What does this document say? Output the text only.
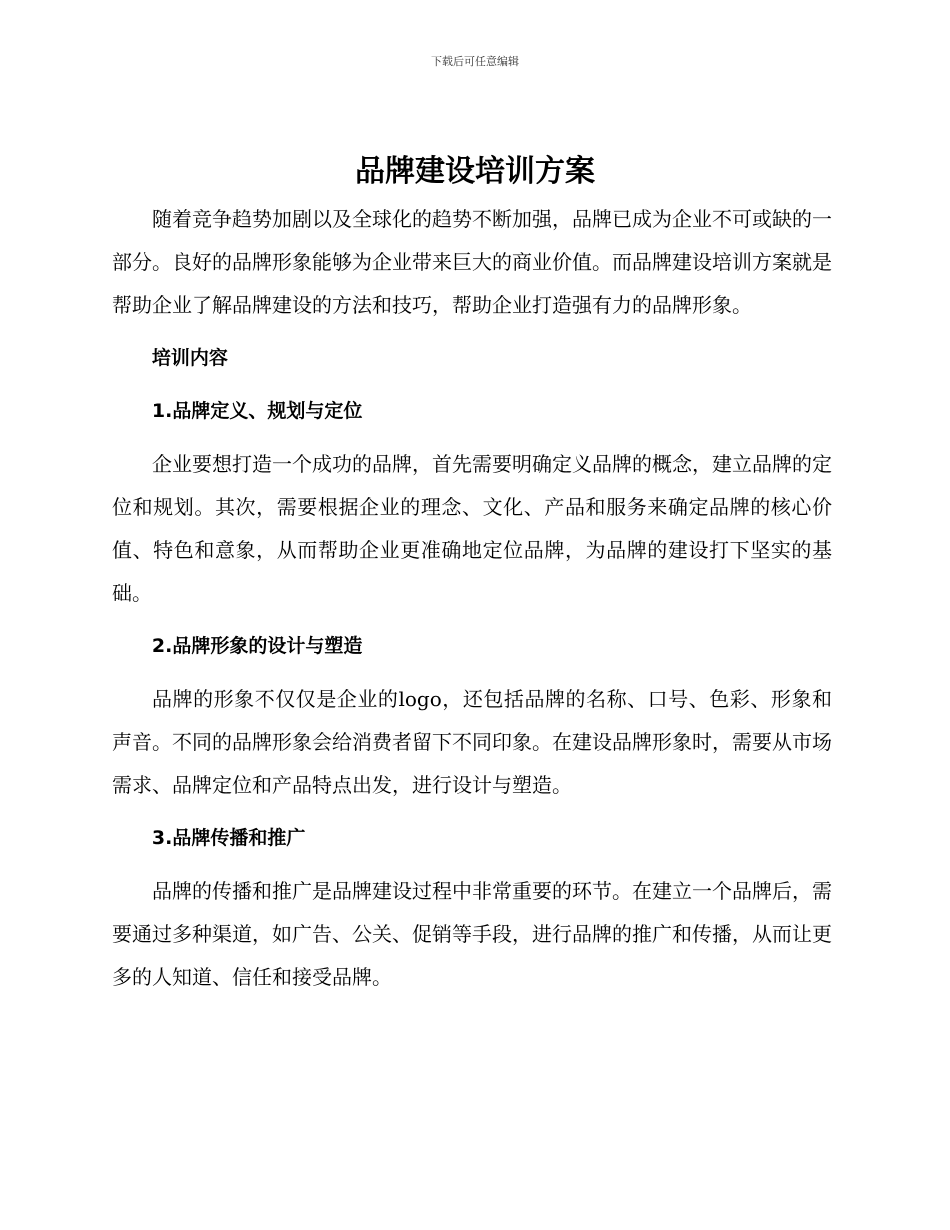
下载后可任意编辑
品牌建设培训方案

随着竞争趋势加剧以及全球化的趋势不断加强，品牌已成为企业不可或缺的一部分。良好的品牌形象能够为企业带来巨大的商业价值。而品牌建设培训方案就是帮助企业了解品牌建设的方法和技巧，帮助企业打造强有力的品牌形象。

培训内容

1.品牌定义、规划与定位

企业要想打造一个成功的品牌，首先需要明确定义品牌的概念，建立品牌的定位和规划。其次，需要根据企业的理念、文化、产品和服务来确定品牌的核心价值、特色和意象，从而帮助企业更准确地定位品牌，为品牌的建设打下坚实的基础。

2.品牌形象的设计与塑造

品牌的形象不仅仅是企业的logo，还包括品牌的名称、口号、色彩、形象和声音。不同的品牌形象会给消费者留下不同印象。在建设品牌形象时，需要从市场需求、品牌定位和产品特点出发，进行设计与塑造。

3.品牌传播和推广

品牌的传播和推广是品牌建设过程中非常重要的环节。在建立一个品牌后，需要通过多种渠道，如广告、公关、促销等手段，进行品牌的推广和传播，从而让更多的人知道、信任和接受品牌。
